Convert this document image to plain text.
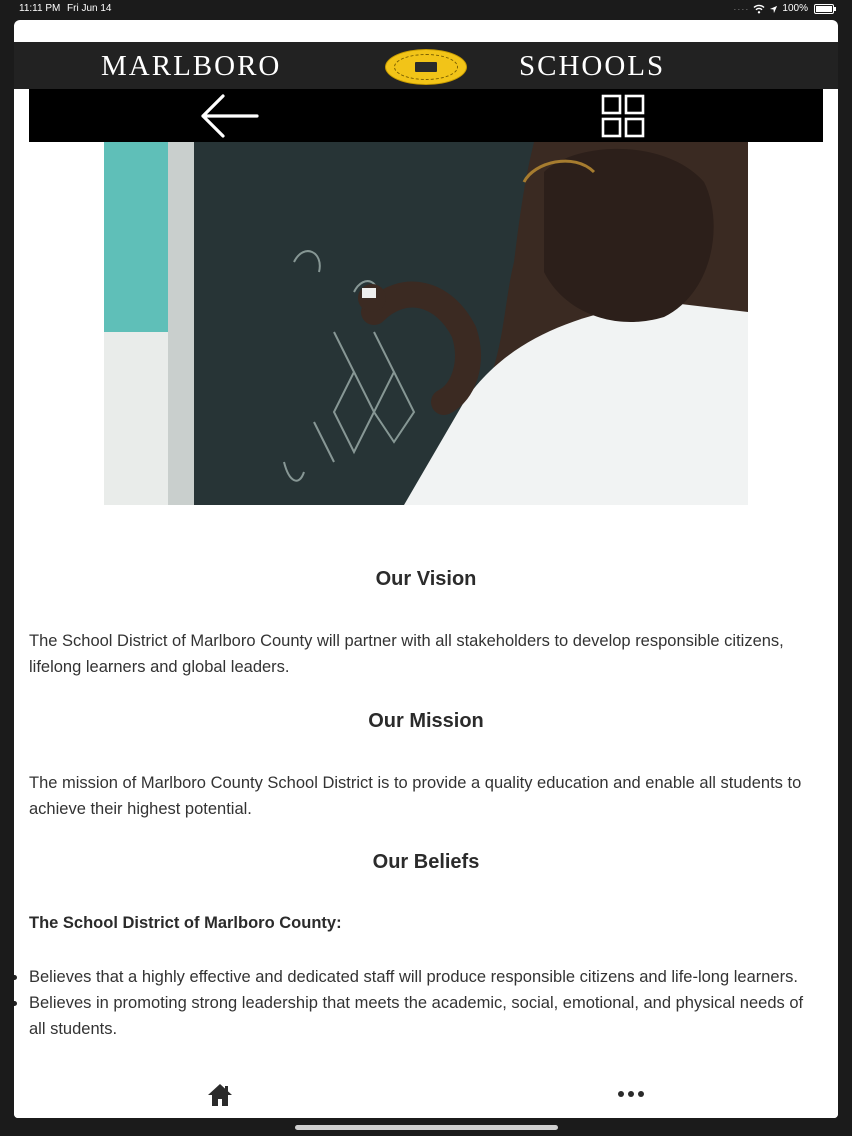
11:11 PM Fri Jun 14	····	100%
MARLBORO	SCHOOLS
Our Vision
The School District of Marlboro County will partner with all stakeholders to develop responsible citizens, lifelong learners and global leaders.
Our Mission
The mission of Marlboro County School District is to provide a quality education and enable all students to achieve their highest potential.
Our Beliefs
The School District of Marlboro County:
Believes that a highly effective and dedicated staff will produce responsible citizens and life-long learners.
Believes in promoting strong leadership that meets the academic, social, emotional, and physical needs of all students.
